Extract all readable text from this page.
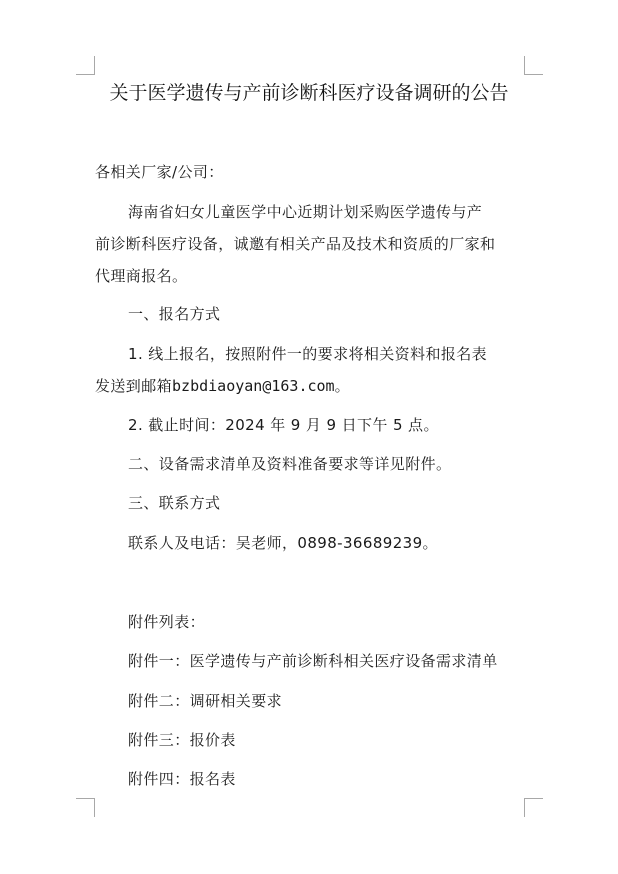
关于医学遗传与产前诊断科医疗设备调研的公告
各相关厂家/公司：
海南省妇女儿童医学中心近期计划采购医学遗传与产
前诊断科医疗设备，诚邀有相关产品及技术和资质的厂家和
代理商报名。
一、报名方式
1. 线上报名，按照附件一的要求将相关资料和报名表
发送到邮箱bzbdiaoyan@163.com。
2. 截止时间：2024 年 9 月 9 日下午 5 点。
二、设备需求清单及资料准备要求等详见附件。
三、联系方式
联系人及电话：吴老师，0898-36689239。
附件列表：
附件一：医学遗传与产前诊断科相关医疗设备需求清单
附件二：调研相关要求
附件三：报价表
附件四：报名表
